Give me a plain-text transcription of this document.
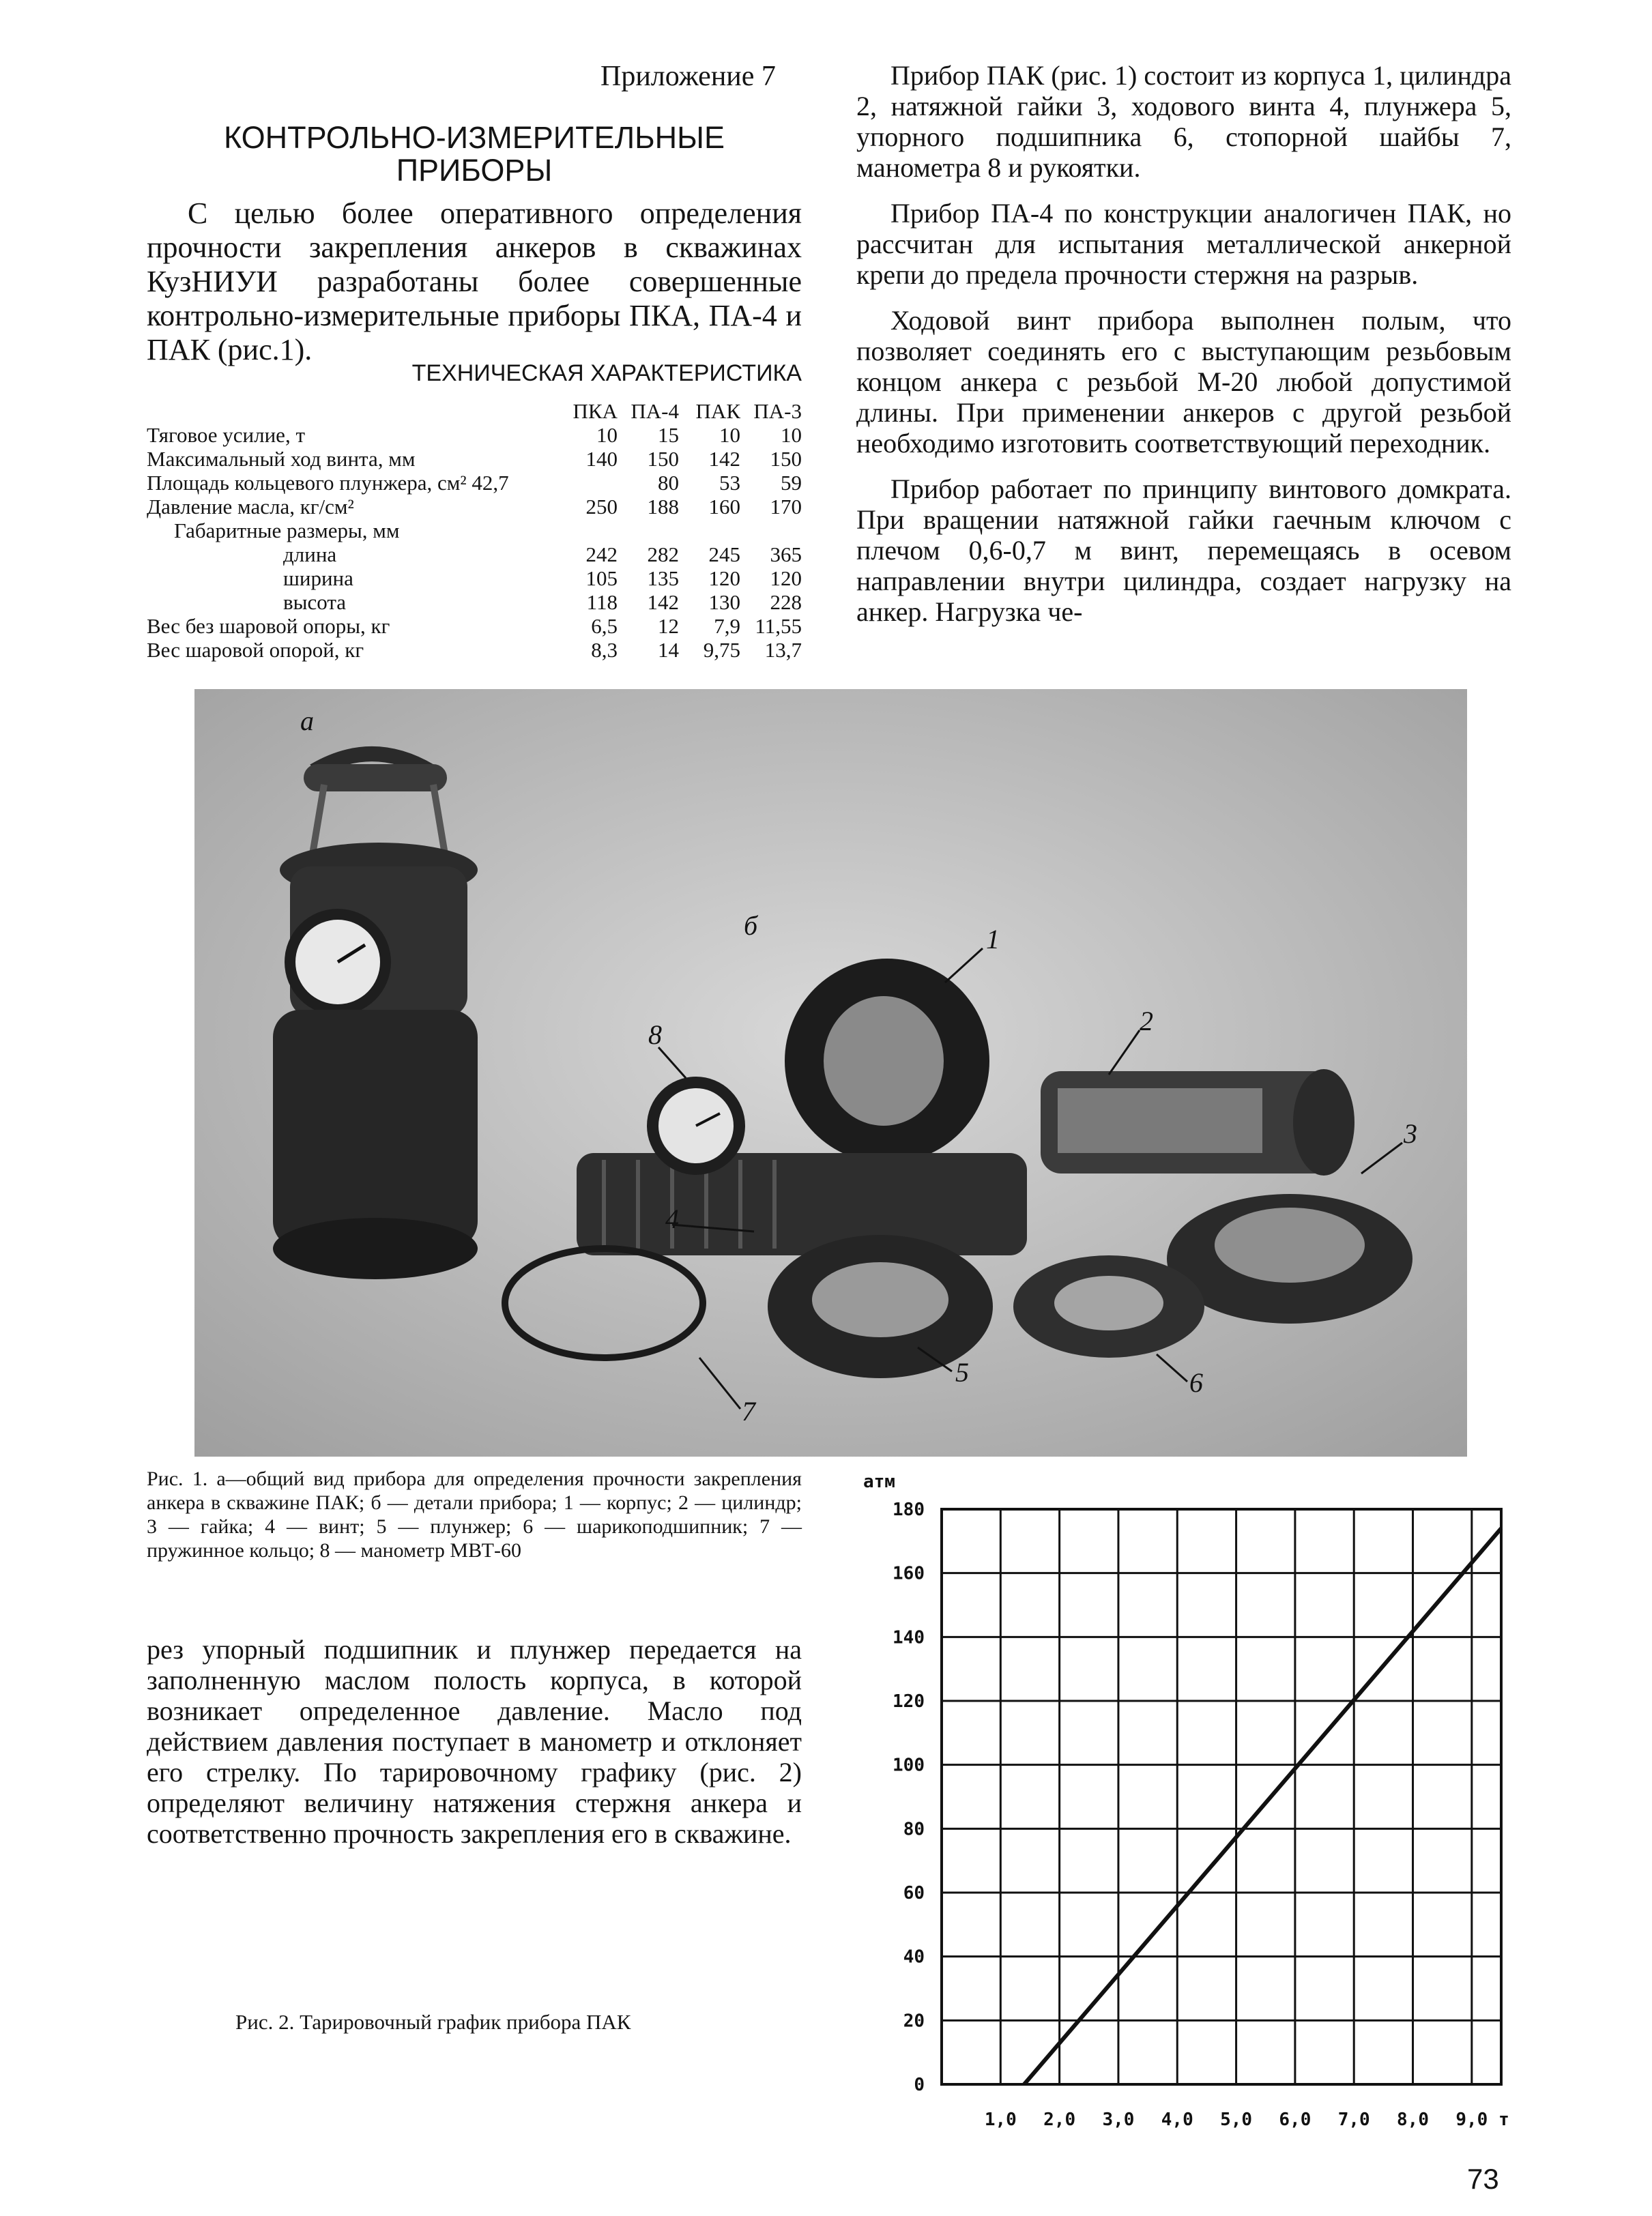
Приложение 7
КОНТРОЛЬНО-ИЗМЕРИТЕЛЬНЫЕ ПРИБОРЫ
С целью более оперативного определения прочности закрепления анкеров в скважинах КузНИУИ разработаны более совершенные контрольно-измерительные приборы ПКА, ПА-4 и ПАК (рис.1).
ТЕХНИЧЕСКАЯ ХАРАКТЕРИСТИКА
	ПКА	ПА-4	ПАК	ПА-3
Тяговое усилие, т	10	15	10	10
Максимальный ход винта, мм	140	150	142	150
Площадь кольцевого плунжера, см² 42,7		80	53	59
Давление масла, кг/см²	250	188	160	170
Габаритные размеры, мм				
длина	242	282	245	365
ширина	105	135	120	120
высота	118	142	130	228
Вес без шаровой опоры, кг	6,5	12	7,9	11,55
Вес шаровой опорой, кг	8,3	14	9,75	13,7

Прибор ПАК (рис. 1) состоит из корпуса 1, цилиндра 2, натяжной гайки 3, ходового винта 4, плунжера 5, упорного подшипника 6, стопорной шайбы 7, манометра 8 и рукоятки.

Прибор ПА-4 по конструкции аналогичен ПАК, но рассчитан для испытания металлической анкерной крепи до предела прочности стержня на разрыв.

Ходовой винт прибора выполнен полым, что позволяет соединять его с выступающим резьбовым концом анкера с резьбой М-20 любой допустимой длины. При применении анкеров с другой резьбой необходимо изготовить соответствующий переходник.

Прибор работает по принципу винтового домкрата. При вращении натяжной гайки гаечным ключом с плечом 0,6-0,7 м винт, перемещаясь в осевом направлении внутри цилиндра, создает нагрузку на анкер. Нагрузка че-

а
б	1
2
3
4
5	6
7
8
Рис. 1. а—общий вид прибора для определения прочности закрепления анкера в скважине ПАК; б — детали прибора; 1 — корпус; 2 — цилиндр; 3 — гайка; 4 — винт; 5 — плунжер; 6 — шарикоподшипник; 7 — пружинное кольцо; 8 — манометр МВТ-60
рез упорный подшипник и плунжер передается на заполненную маслом полость корпуса, в которой возникает определенное давление. Масло под действием давления поступает в манометр и отклоняет его стрелку. По тарировочному графику (рис. 2) определяют величину натяжения стержня анкера и соответственно прочность закрепления его в скважине.
Рис. 2. Тарировочный график прибора ПАК
атм
0
20
40
60
80
100
120
140
160
180
1,0 2,0 3,0 4,0 5,0 6,0 7,0 8,0 9,0 т
73
